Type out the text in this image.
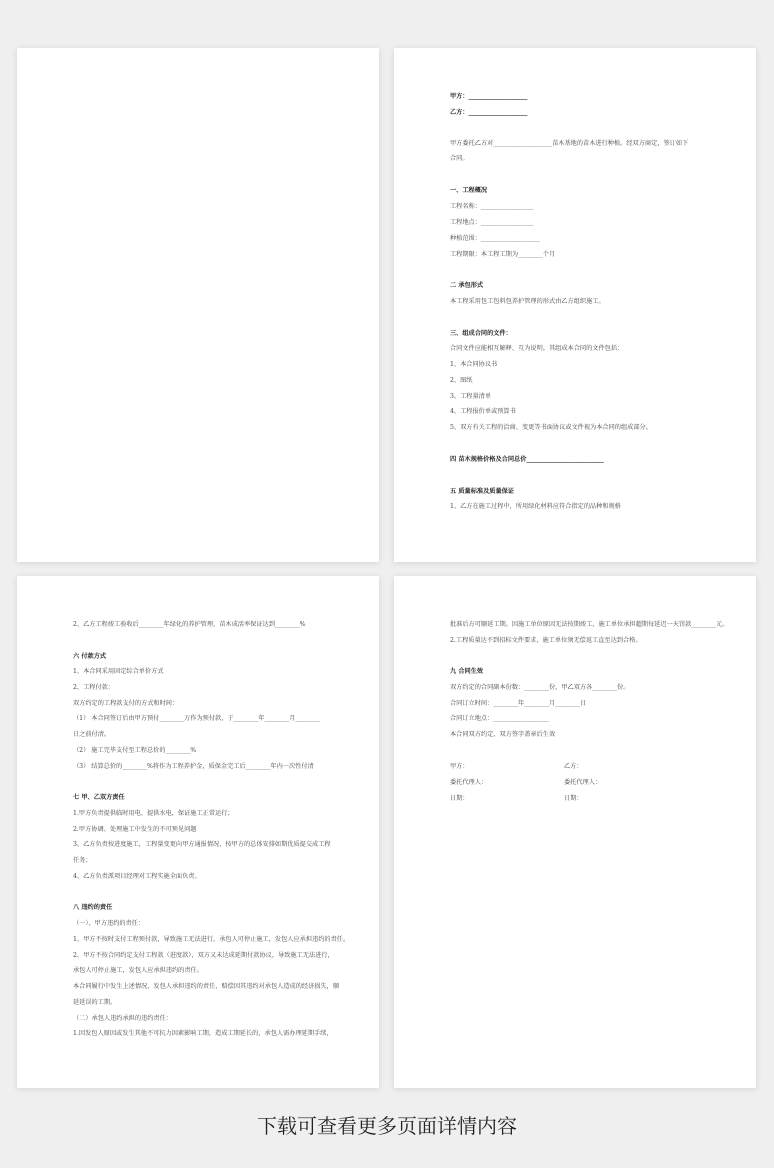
甲方：___________________
乙方：___________________
甲方委托乙方对___________________苗木基地的苗木进行种植。经双方商定，签订如下
合同。
一、工程概况
工程名称：_________________
工程地点：_________________
种植范围：___________________
工程期限：本工程工期为________个月
二 承包形式
本工程采用包工包料包养护管理的形式由乙方组织施工。
三、组成合同的文件：
合同文件应能相互解释、互为说明。其组成本合同的文件包括：
1、本合同协议书
2、图纸
3、工程量清单
4、工程报价单或预算书
5、双方有关工程的洽商、变更等书面协议或文件视为本合同的组成部分。
四 苗木规格价格及合同总价_________________________
五 质量标准及质量保证
1、乙方在施工过程中，所用绿化材料应符合指定的品种和规格
2、乙方工程竣工验收后________年绿化的养护管理，苗木成活率保证达到________%
六 付款方式
1、本合同采用固定综合单价方式
2、工程付款：
双方约定的工程款支付的方式和时间：
（1） 本合同签订后由甲方预付________万作为预付款，于________年________月________
日之前付清。
（2） 施工完毕支付至工程总价的________%
（3） 结算总价的________%将作为工程养护金，质保金完工后________年内一次性付清
七 甲、乙双方责任
1.甲方负责提供临时用电、提供水电，保证施工正常运行；
2.甲方协调、处理施工中发生的不可预见问题
3、乙方负责按进度施工，工程量变更向甲方通报情况，按甲方的总体安排如期优质提交成工程
任务；
4、乙方负责派项目经理对工程实施全面负责。
八 违约的责任
（一）、甲方违约的责任：
1、甲方不按时支付工程预付款，导致施工无法进行，承包人可停止施工，发包人应承担违约的责任。
2、甲方不按合同约定支付工程款（进度款），双方又未达成延期付款协议，导致施工无法进行，
承包人可停止施工，发包人应承担违约的责任。
本合同履行中发生上述情况，发包人承担违约的责任，赔偿因其违约对承包人造成的经济损失，顺
延延误的工期。
（二）承包人违约承担的违约责任：
1.因发包人原因或发生其他不可抗力因素影响工期，造成工期延长的，承包人需办理延期手续，
批准后方可顺延工期。因施工单位原因无法按期竣工，施工单位承担超期每延迟一天罚款________元。
2.工程质量达不到招标文件要求，施工单位须无偿返工直至达到合格。
九 合同生效
双方约定的合同副本份数：________份，甲乙双方各________份。
合同订立时间：________年________月________日
合同订立地点：__________________
本合同双方约定，双方签字盖章后生效
甲方：
委托代理人：
日期：
乙方：
委托代理人：
日期：
下载可查看更多页面详情内容
